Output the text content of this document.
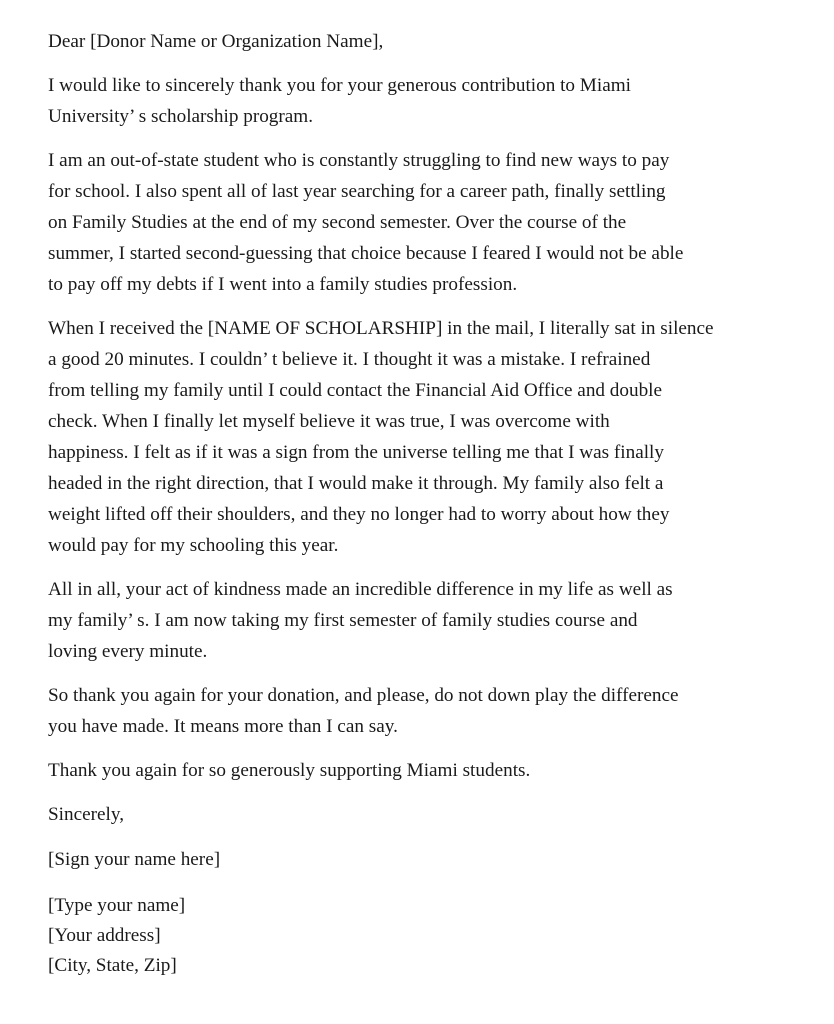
Dear [Donor Name or Organization Name],
I would like to sincerely thank you for your generous contribution to Miami
University’ s scholarship program.
I am an out-of-state student who is constantly struggling to find new ways to pay
for school. I also spent all of last year searching for a career path, finally settling
on Family Studies at the end of my second semester. Over the course of the
summer, I started second-guessing that choice because I feared I would not be able
to pay off my debts if I went into a family studies profession.
When I received the [NAME OF SCHOLARSHIP] in the mail, I literally sat in silence
a good 20 minutes. I couldn’ t believe it. I thought it was a mistake. I refrained
from telling my family until I could contact the Financial Aid Office and double
check. When I finally let myself believe it was true, I was overcome with
happiness. I felt as if it was a sign from the universe telling me that I was finally
headed in the right direction, that I would make it through. My family also felt a
weight lifted off their shoulders, and they no longer had to worry about how they
would pay for my schooling this year.
All in all, your act of kindness made an incredible difference in my life as well as
my family’ s. I am now taking my first semester of family studies course and
loving every minute.
So thank you again for your donation, and please, do not down play the difference
you have made. It means more than I can say.
Thank you again for so generously supporting Miami students.
Sincerely,
[Sign your name here]
[Type your name]
[Your address]
[City, State, Zip]
